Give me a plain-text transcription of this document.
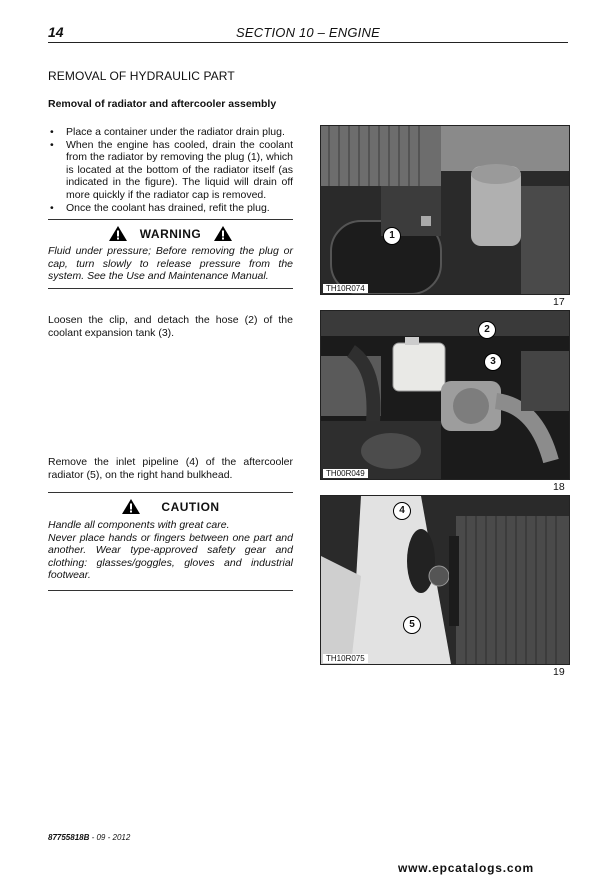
14	SECTION 10 – ENGINE
REMOVAL OF HYDRAULIC PART
Removal of radiator and aftercooler assembly
• Place a container under the radiator drain plug.
• When the engine has cooled, drain the coolant from the radiator by removing the plug (1), which is located at the bottom of the radiator itself (as indicated in the figure). The liquid will drain off more quickly if the radiator cap is removed.
• Once the coolant has drained, refit the plug.
WARNING
Fluid under pressure; Before removing the plug or cap, turn slowly to release pressure from the system. See the Use and Maintenance Manual.
Loosen the clip, and detach the hose (2) of the coolant expansion tank (3).
Remove the inlet pipeline (4) of the aftercooler radiator (5), on the right hand bulkhead.
CAUTION
Handle all components with great care.
Never place hands or fingers between one part and another. Wear type-approved safety gear and clothing: glasses/goggles, gloves and industrial footwear.
1
TH10R074
17
2
3
TH00R049
18
4
5
TH10R075
19
87755818B - 09 - 2012
www.epcatalogs.com
